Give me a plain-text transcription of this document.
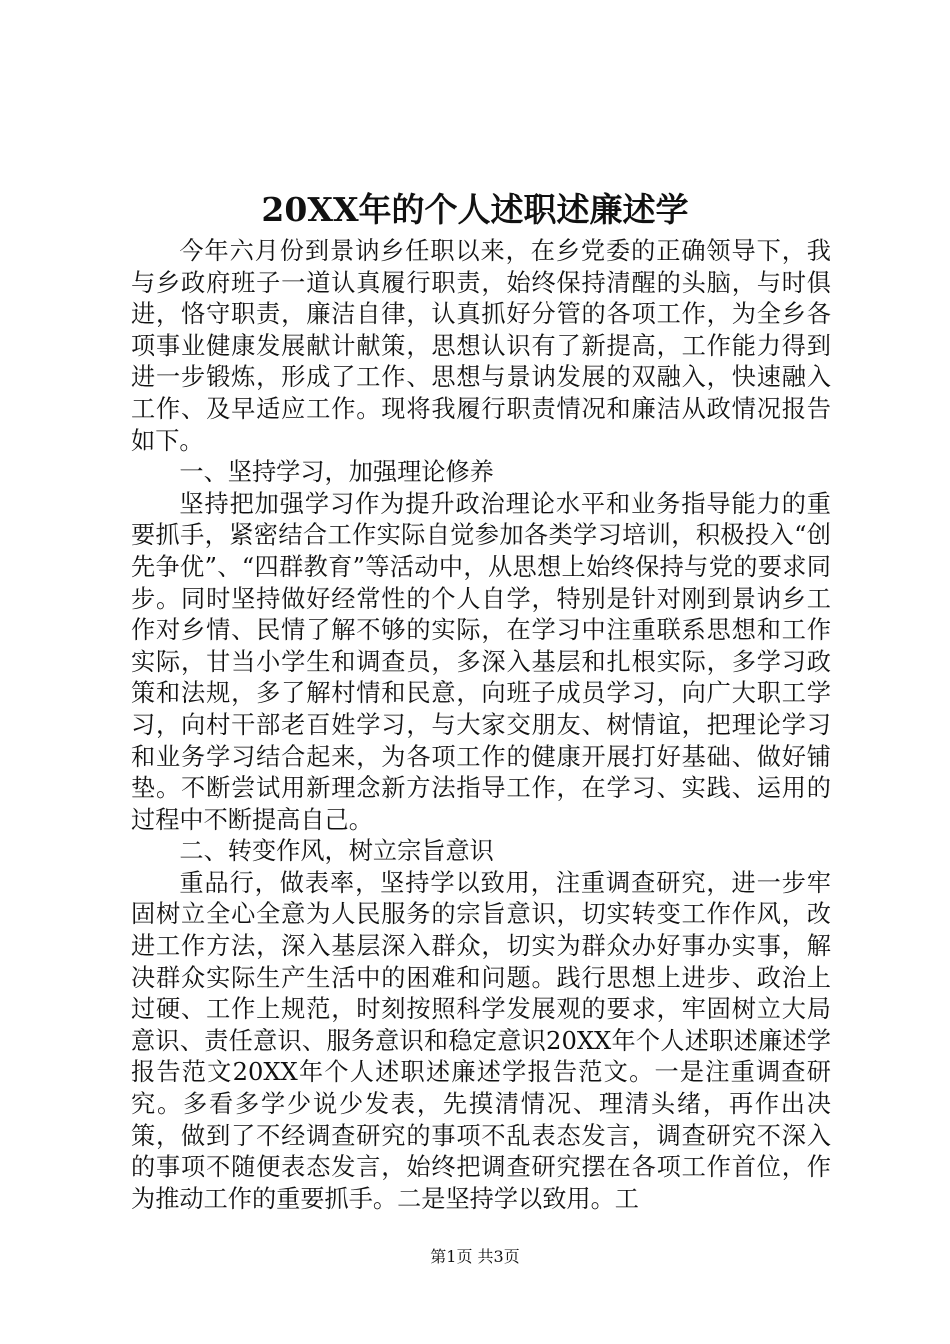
20XX年的个人述职述廉述学

今年六月份到景讷乡任职以来，在乡党委的正确领导下，我与乡政府班子一道认真履行职责，始终保持清醒的头脑，与时俱进，恪守职责，廉洁自律，认真抓好分管的各项工作，为全乡各项事业健康发展献计献策，思想认识有了新提高，工作能力得到进一步锻炼，形成了工作、思想与景讷发展的双融入，快速融入工作、及早适应工作。现将我履行职责情况和廉洁从政情况报告如下。

一、坚持学习，加强理论修养

坚持把加强学习作为提升政治理论水平和业务指导能力的重要抓手，紧密结合工作实际自觉参加各类学习培训，积极投入“创先争优”、“四群教育”等活动中，从思想上始终保持与党的要求同步。同时坚持做好经常性的个人自学，特别是针对刚到景讷乡工作对乡情、民情了解不够的实际，在学习中注重联系思想和工作实际，甘当小学生和调查员，多深入基层和扎根实际，多学习政策和法规，多了解村情和民意，向班子成员学习，向广大职工学习，向村干部老百姓学习，与大家交朋友、树情谊，把理论学习和业务学习结合起来，为各项工作的健康开展打好基础、做好铺垫。不断尝试用新理念新方法指导工作，在学习、实践、运用的过程中不断提高自己。

二、转变作风，树立宗旨意识

重品行，做表率，坚持学以致用，注重调查研究，进一步牢固树立全心全意为人民服务的宗旨意识，切实转变工作作风，改进工作方法，深入基层深入群众，切实为群众办好事办实事，解决群众实际生产生活中的困难和问题。践行思想上进步、政治上过硬、工作上规范，时刻按照科学发展观的要求，牢固树立大局意识、责任意识、服务意识和稳定意识20XX年个人述职述廉述学报告范文20XX年个人述职述廉述学报告范文。一是注重调查研究。多看多学少说少发表，先摸清情况、理清头绪，再作出决策，做到了不经调查研究的事项不乱表态发言，调查研究不深入的事项不随便表态发言，始终把调查研究摆在各项工作首位，作为推动工作的重要抓手。二是坚持学以致用。工

第1页 共3页
